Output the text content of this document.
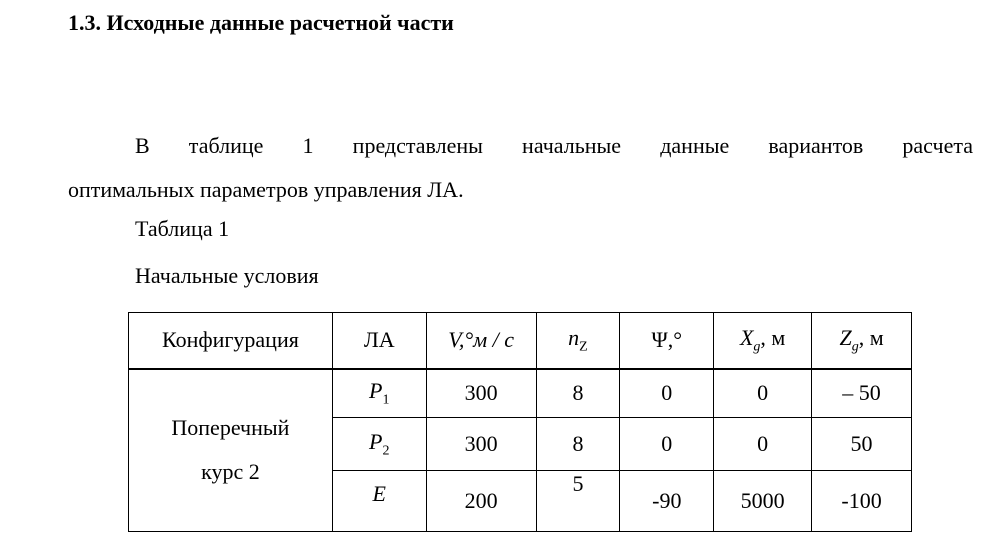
1.3. Исходные данные расчетной части

В таблице 1 представлены начальные данные вариантов расчета
оптимальных параметров управления ЛА.

Таблица 1
Начальные условия
Конфигурация	ЛА	V,°м / с	$n_Z$	Ψ,°	$X_g$, м	$Z_g$, м
Поперечный
курс 2	$P_1$	300	8	0	0	– 50
	$P_2$	300	8	0	0	50
	E	200	5	-90	5000	-100
